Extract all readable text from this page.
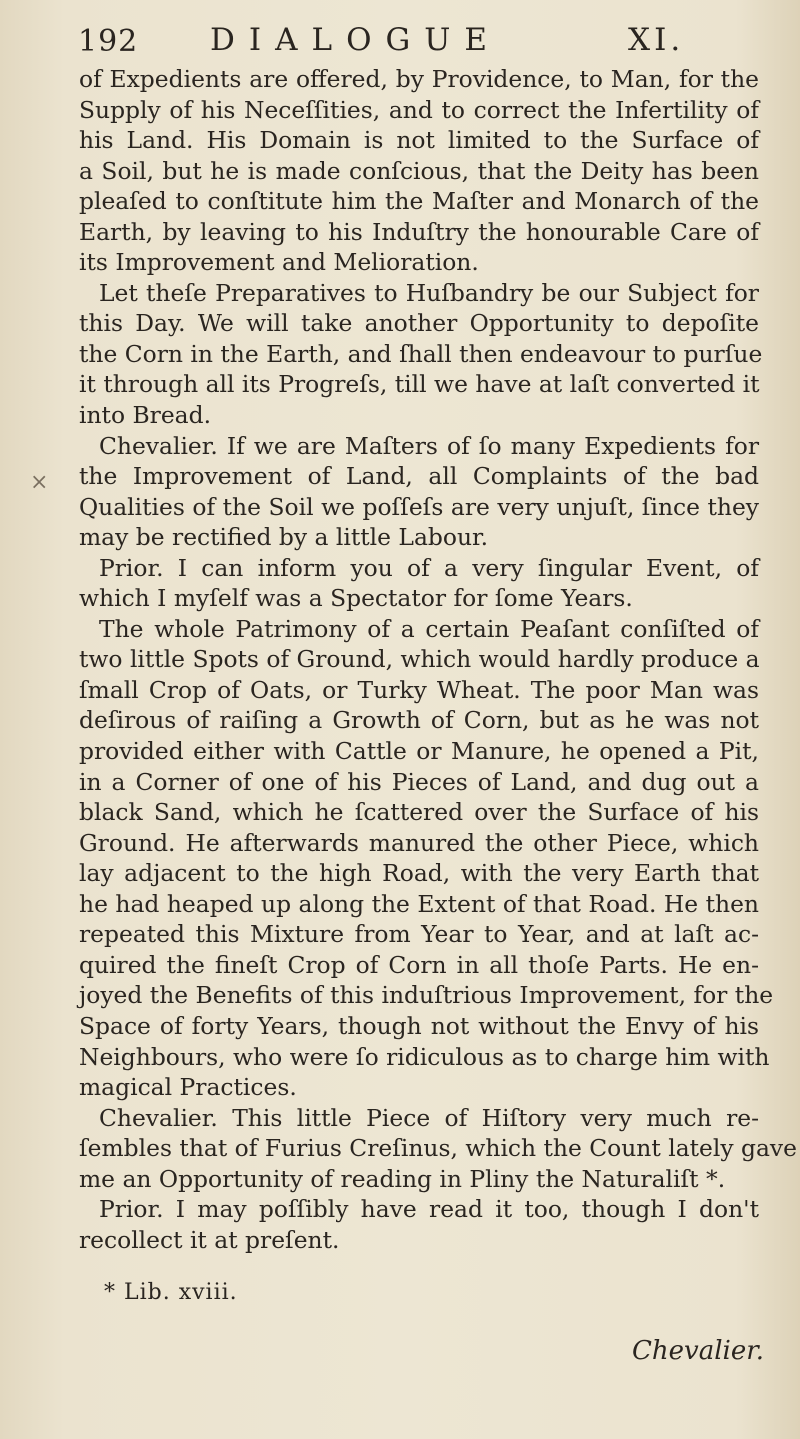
192 DIALOGUE	XI.
×
of Expedients are offered, by Providence, to Man, for the
Supply of his Neceſſities, and to correct the Infertility of
his Land. His Domain is not limited to the Surface of
a Soil, but he is made conſcious, that the Deity has been
pleaſed to conſtitute him the Maſter and Monarch of the
Earth, by leaving to his Induſtry the honourable Care of
its Improvement and Melioration.
Let theſe Preparatives to Huſbandry be our Subject for
this Day. We will take another Opportunity to depoſite
the Corn in the Earth, and ſhall then endeavour to purſue
it through all its Progreſs, till we have at laſt converted it
into Bread.
Chevalier. If we are Maſters of ſo many Expedients for
the Improvement of Land, all Complaints of the bad
Qualities of the Soil we poſſeſs are very unjuſt, ſince they
may be rectified by a little Labour.
Prior. I can inform you of a very ſingular Event, of
which I myſelf was a Spectator for ſome Years.
The whole Patrimony of a certain Peaſant conſiſted of
two little Spots of Ground, which would hardly produce a
ſmall Crop of Oats, or Turky Wheat. The poor Man was
deſirous of raiſing a Growth of Corn, but as he was not
provided either with Cattle or Manure, he opened a Pit,
in a Corner of one of his Pieces of Land, and dug out a
black Sand, which he ſcattered over the Surface of his
Ground. He afterwards manured the other Piece, which
lay adjacent to the high Road, with the very Earth that
he had heaped up along the Extent of that Road. He then
repeated this Mixture from Year to Year, and at laſt ac-
quired the fineſt Crop of Corn in all thoſe Parts. He en-
joyed the Benefits of this induſtrious Improvement, for the
Space of forty Years, though not without the Envy of his
Neighbours, who were ſo ridiculous as to charge him with
magical Practices.
Chevalier. This little Piece of Hiſtory very much re-
ſembles that of Furius Creſinus, which the Count lately gave
me an Opportunity of reading in Pliny the Naturaliſt *.
Prior. I may poſſibly have read it too, though I don't
recollect it at preſent.
* Lib. xviii.
Chevalier.
